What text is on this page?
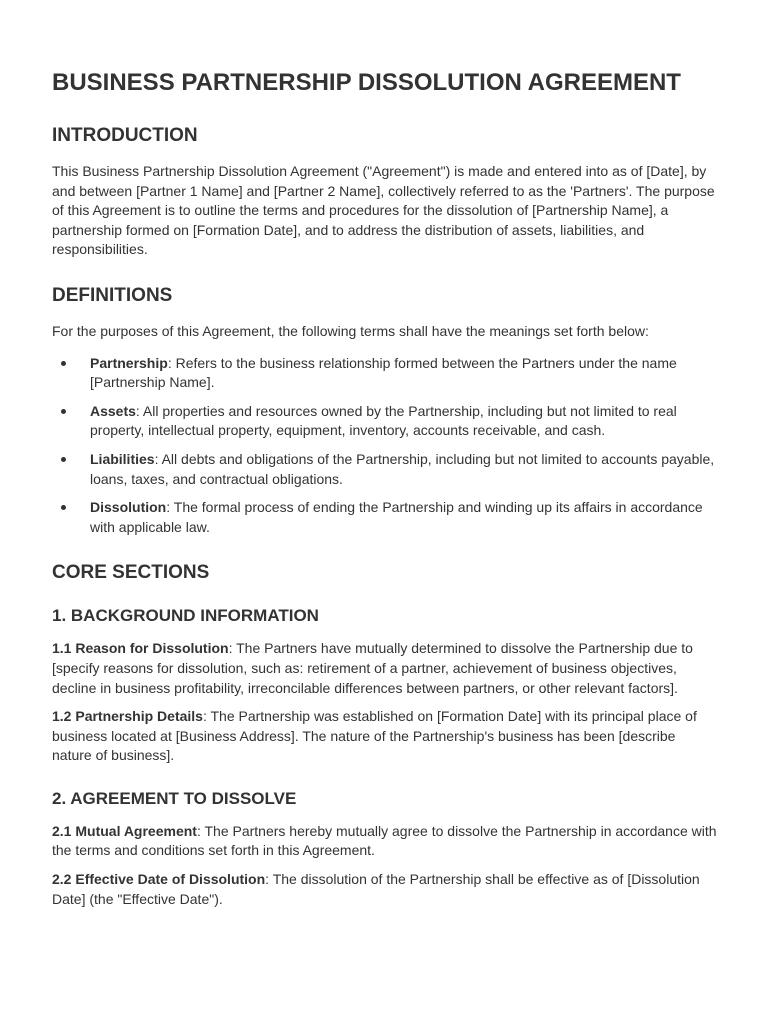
BUSINESS PARTNERSHIP DISSOLUTION AGREEMENT
INTRODUCTION

This Business Partnership Dissolution Agreement ("Agreement") is made and entered into as of [Date], by and between [Partner 1 Name] and [Partner 2 Name], collectively referred to as the 'Partners'. The purpose of this Agreement is to outline the terms and procedures for the dissolution of [Partnership Name], a partnership formed on [Formation Date], and to address the distribution of assets, liabilities, and responsibilities.

DEFINITIONS

For the purposes of this Agreement, the following terms shall have the meanings set forth below:

Partnership: Refers to the business relationship formed between the Partners under the name [Partnership Name].
Assets: All properties and resources owned by the Partnership, including but not limited to real property, intellectual property, equipment, inventory, accounts receivable, and cash.
Liabilities: All debts and obligations of the Partnership, including but not limited to accounts payable, loans, taxes, and contractual obligations.
Dissolution: The formal process of ending the Partnership and winding up its affairs in accordance with applicable law.
CORE SECTIONS
1. BACKGROUND INFORMATION

1.1 Reason for Dissolution: The Partners have mutually determined to dissolve the Partnership due to [specify reasons for dissolution, such as: retirement of a partner, achievement of business objectives, decline in business profitability, irreconcilable differences between partners, or other relevant factors].

1.2 Partnership Details: The Partnership was established on [Formation Date] with its principal place of business located at [Business Address]. The nature of the Partnership's business has been [describe nature of business].

2. AGREEMENT TO DISSOLVE

2.1 Mutual Agreement: The Partners hereby mutually agree to dissolve the Partnership in accordance with the terms and conditions set forth in this Agreement.

2.2 Effective Date of Dissolution: The dissolution of the Partnership shall be effective as of [Dissolution Date] (the "Effective Date").
